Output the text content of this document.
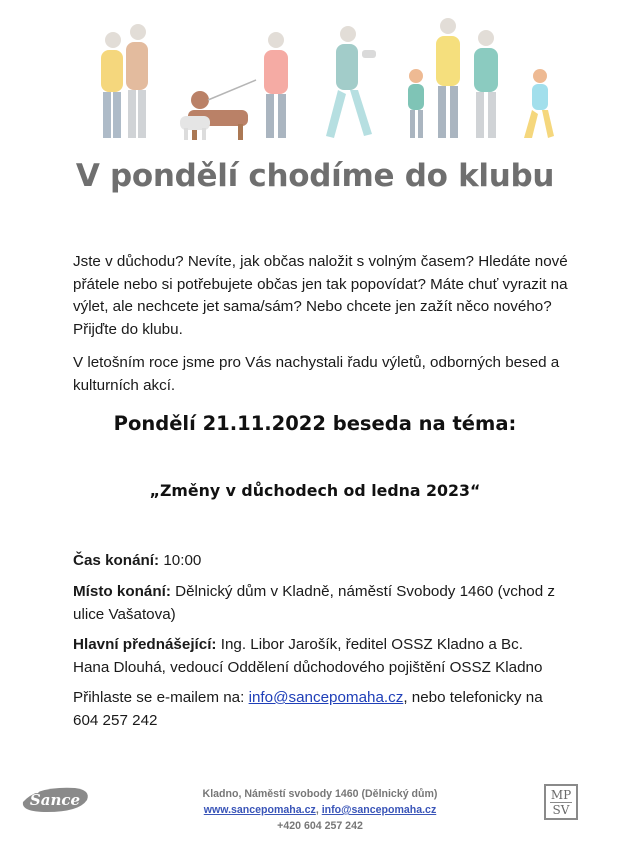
V pondělí chodíme do klubu
Jste v důchodu? Nevíte, jak občas naložit s volným časem? Hledáte nové přátele nebo si potřebujete občas jen tak popovídat? Máte chuť vyrazit na výlet, ale nechcete jet sama/sám? Nebo chcete jen zažít něco nového? Přijďte do klubu.
V letošním roce jsme pro Vás nachystali řadu výletů, odborných besed a kulturních akcí.
Pondělí 21.11.2022 beseda na téma:
„Změny v důchodech od ledna 2023“
Čas konání: 10:00
Místo konání: Dělnický dům v Kladně, náměstí Svobody 1460 (vchod z ulice Vašatova)
Hlavní přednášející: Ing. Libor Jarošík, ředitel OSSZ Kladno a Bc. Hana Dlouhá, vedoucí Oddělení důchodového pojištění OSSZ Kladno
Přihlaste se e-mailem na: info@sancepomaha.cz, nebo telefonicky na 604 257 242
Šance	Kladno, Náměstí svobody 1460 (Dělnický dům)
www.sancepomaha.cz, info@sancepomaha.cz
+420 604 257 242
MP
SV
